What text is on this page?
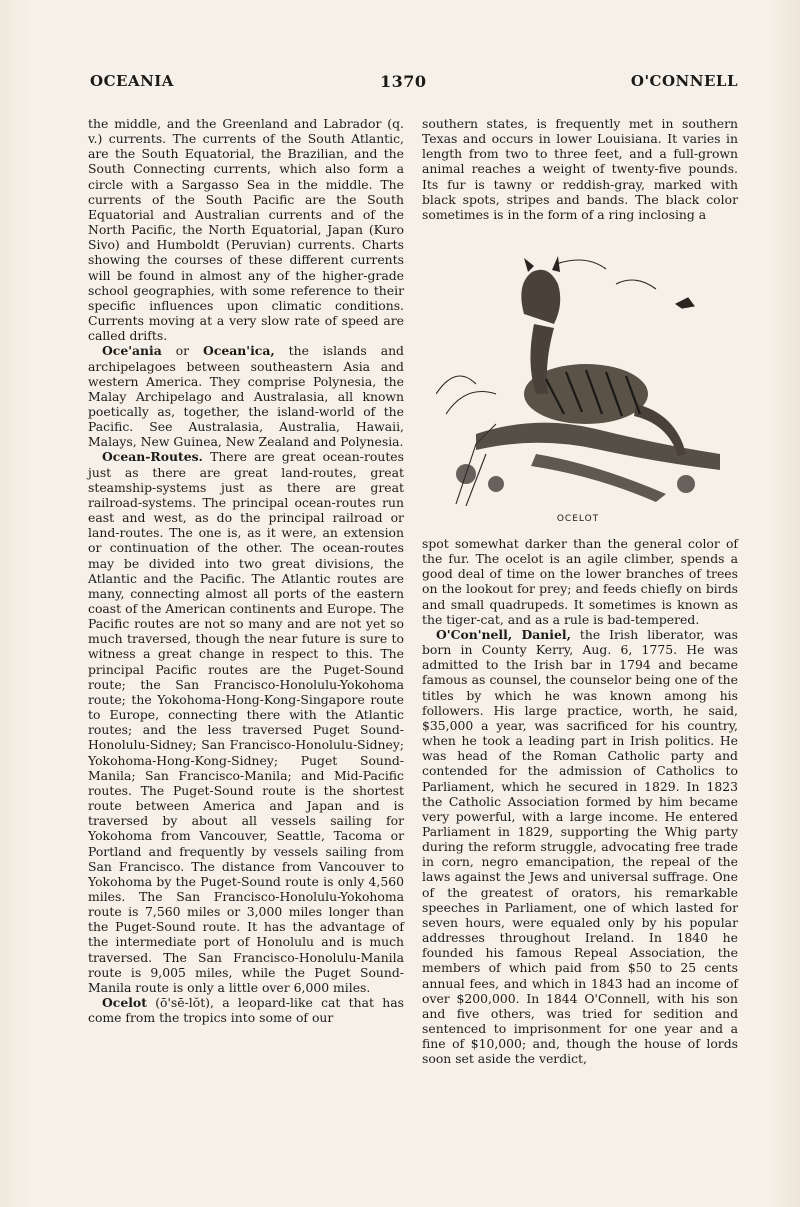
OCEANIA	1370	O'CONNELL

the middle, and the Greenland and Labrador (q. v.) currents. The currents of the South Atlantic, are the South Equatorial, the Brazilian, and the South Connecting currents, which also form a circle with a Sargasso Sea in the middle. The currents of the South Pacific are the South Equatorial and Australian currents and of the North Pacific, the North Equatorial, Japan (Kuro Sivo) and Humboldt (Peruvian) currents. Charts showing the courses of these different currents will be found in almost any of the higher-grade school geographies, with some reference to their specific influences upon climatic conditions. Currents moving at a very slow rate of speed are called drifts.

Oce'ania or Ocean'ica, the islands and archipelagoes between southeastern Asia and western America. They comprise Polynesia, the Malay Archipelago and Australasia, all known poetically as, together, the island-world of the Pacific. See Australasia, Australia, Hawaii, Malays, New Guinea, New Zealand and Polynesia.

Ocean-Routes. There are great ocean-routes just as there are great land-routes, great steamship-systems just as there are great railroad-systems. The principal ocean-routes run east and west, as do the principal railroad or land-routes. The one is, as it were, an extension or continuation of the other. The ocean-routes may be divided into two great divisions, the Atlantic and the Pacific. The Atlantic routes are many, connecting almost all ports of the eastern coast of the American continents and Europe. The Pacific routes are not so many and are not yet so much traversed, though the near future is sure to witness a great change in respect to this. The principal Pacific routes are the Puget-Sound route; the San Francisco-Honolulu-Yokohoma route; the Yokohoma-Hong-Kong-Singapore route to Europe, connecting there with the Atlantic routes; and the less traversed Puget Sound-Honolulu-Sidney; San Francisco-Honolulu-Sidney; Yokohoma-Hong-Kong-Sidney; Puget Sound-Manila; San Francisco-Manila; and Mid-Pacific routes. The Puget-Sound route is the shortest route between America and Japan and is traversed by about all vessels sailing for Yokohoma from Vancouver, Seattle, Tacoma or Portland and frequently by vessels sailing from San Francisco. The distance from Vancouver to Yokohoma by the Puget-Sound route is only 4,560 miles. The San Francisco-Honolulu-Yokohoma route is 7,560 miles or 3,000 miles longer than the Puget-Sound route. It has the advantage of the intermediate port of Honolulu and is much traversed. The San Francisco-Honolulu-Manila route is 9,005 miles, while the Puget Sound-Manila route is only a little over 6,000 miles.

Ocelot (ō'sē-lŏt), a leopard-like cat that has come from the tropics into some of our

southern states, is frequently met in southern Texas and occurs in lower Louisiana. It varies in length from two to three feet, and a full-grown animal reaches a weight of twenty-five pounds. Its fur is tawny or reddish-gray, marked with black spots, stripes and bands. The black color sometimes is in the form of a ring inclosing a

OCELOT

spot somewhat darker than the general color of the fur. The ocelot is an agile climber, spends a good deal of time on the lower branches of trees on the lookout for prey; and feeds chiefly on birds and small quadrupeds. It sometimes is known as the tiger-cat, and as a rule is bad-tempered.

O'Con'nell, Daniel, the Irish liberator, was born in County Kerry, Aug. 6, 1775. He was admitted to the Irish bar in 1794 and became famous as counsel, the counselor being one of the titles by which he was known among his followers. His large practice, worth, he said, $35,000 a year, was sacrificed for his country, when he took a leading part in Irish politics. He was head of the Roman Catholic party and contended for the admission of Catholics to Parliament, which he secured in 1829. In 1823 the Catholic Association formed by him became very powerful, with a large income. He entered Parliament in 1829, supporting the Whig party during the reform struggle, advocating free trade in corn, negro emancipation, the repeal of the laws against the Jews and universal suffrage. One of the greatest of orators, his remarkable speeches in Parliament, one of which lasted for seven hours, were equaled only by his popular addresses throughout Ireland. In 1840 he founded his famous Repeal Association, the members of which paid from $50 to 25 cents annual fees, and which in 1843 had an income of over $200,000. In 1844 O'Connell, with his son and five others, was tried for sedition and sentenced to imprisonment for one year and a fine of $10,000; and, though the house of lords soon set aside the verdict,
